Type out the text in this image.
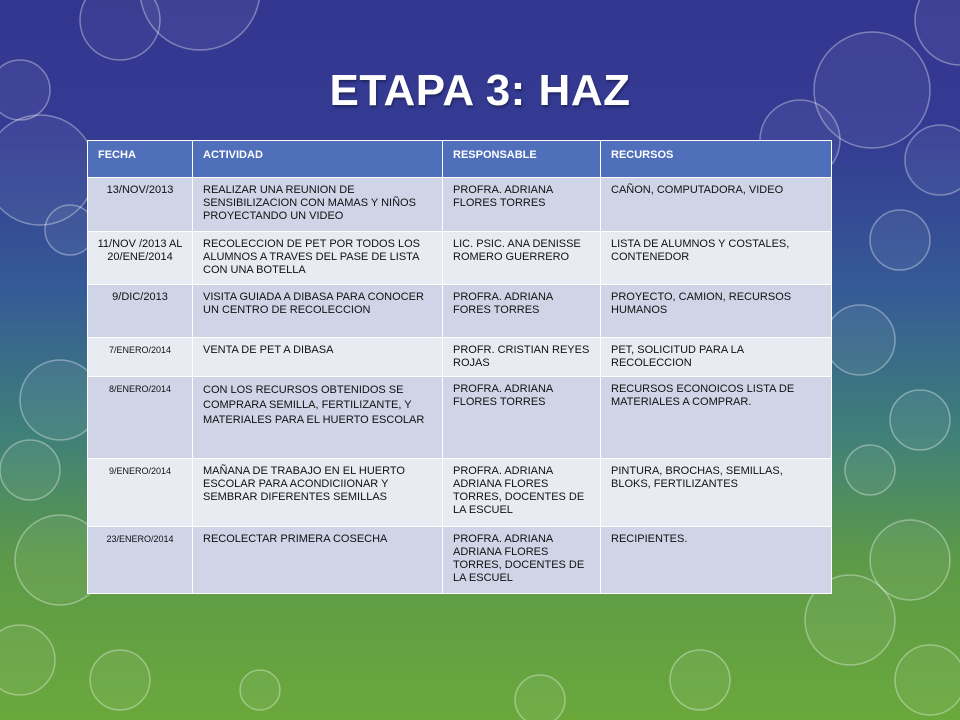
ETAPA 3: HAZ
FECHA	ACTIVIDAD	RESPONSABLE	RECURSOS
13/NOV/2013	REALIZAR UNA REUNION DE SENSIBILIZACION CON MAMAS Y NIÑOS PROYECTANDO UN VIDEO	PROFRA. ADRIANA FLORES TORRES	CAÑON, COMPUTADORA, VIDEO
11/NOV /2013 AL 20/ENE/2014	RECOLECCION DE PET POR TODOS LOS ALUMNOS A TRAVES DEL PASE DE LISTA CON UNA BOTELLA	LIC. PSIC. ANA DENISSE ROMERO GUERRERO	LISTA DE ALUMNOS Y COSTALES, CONTENEDOR
9/DIC/2013	VISITA GUIADA A DIBASA PARA CONOCER UN CENTRO DE RECOLECCION	PROFRA. ADRIANA FORES TORRES	PROYECTO, CAMION, RECURSOS HUMANOS
7/ENERO/2014	VENTA DE PET A DIBASA	PROFR. CRISTIAN REYES ROJAS	PET, SOLICITUD PARA LA RECOLECCION
8/ENERO/2014	CON LOS RECURSOS OBTENIDOS SE COMPRARA SEMILLA, FERTILIZANTE, Y MATERIALES PARA EL HUERTO ESCOLAR	PROFRA. ADRIANA FLORES TORRES	RECURSOS ECONOICOS LISTA DE MATERIALES A COMPRAR.
9/ENERO/2014	MAÑANA DE TRABAJO EN EL HUERTO ESCOLAR PARA ACONDICIIONAR Y SEMBRAR DIFERENTES SEMILLAS	PROFRA. ADRIANA ADRIANA FLORES TORRES, DOCENTES DE LA ESCUEL	PINTURA, BROCHAS, SEMILLAS, BLOKS, FERTILIZANTES
23/ENERO/2014	RECOLECTAR PRIMERA COSECHA	PROFRA. ADRIANA ADRIANA FLORES TORRES, DOCENTES DE LA ESCUEL	RECIPIENTES.
